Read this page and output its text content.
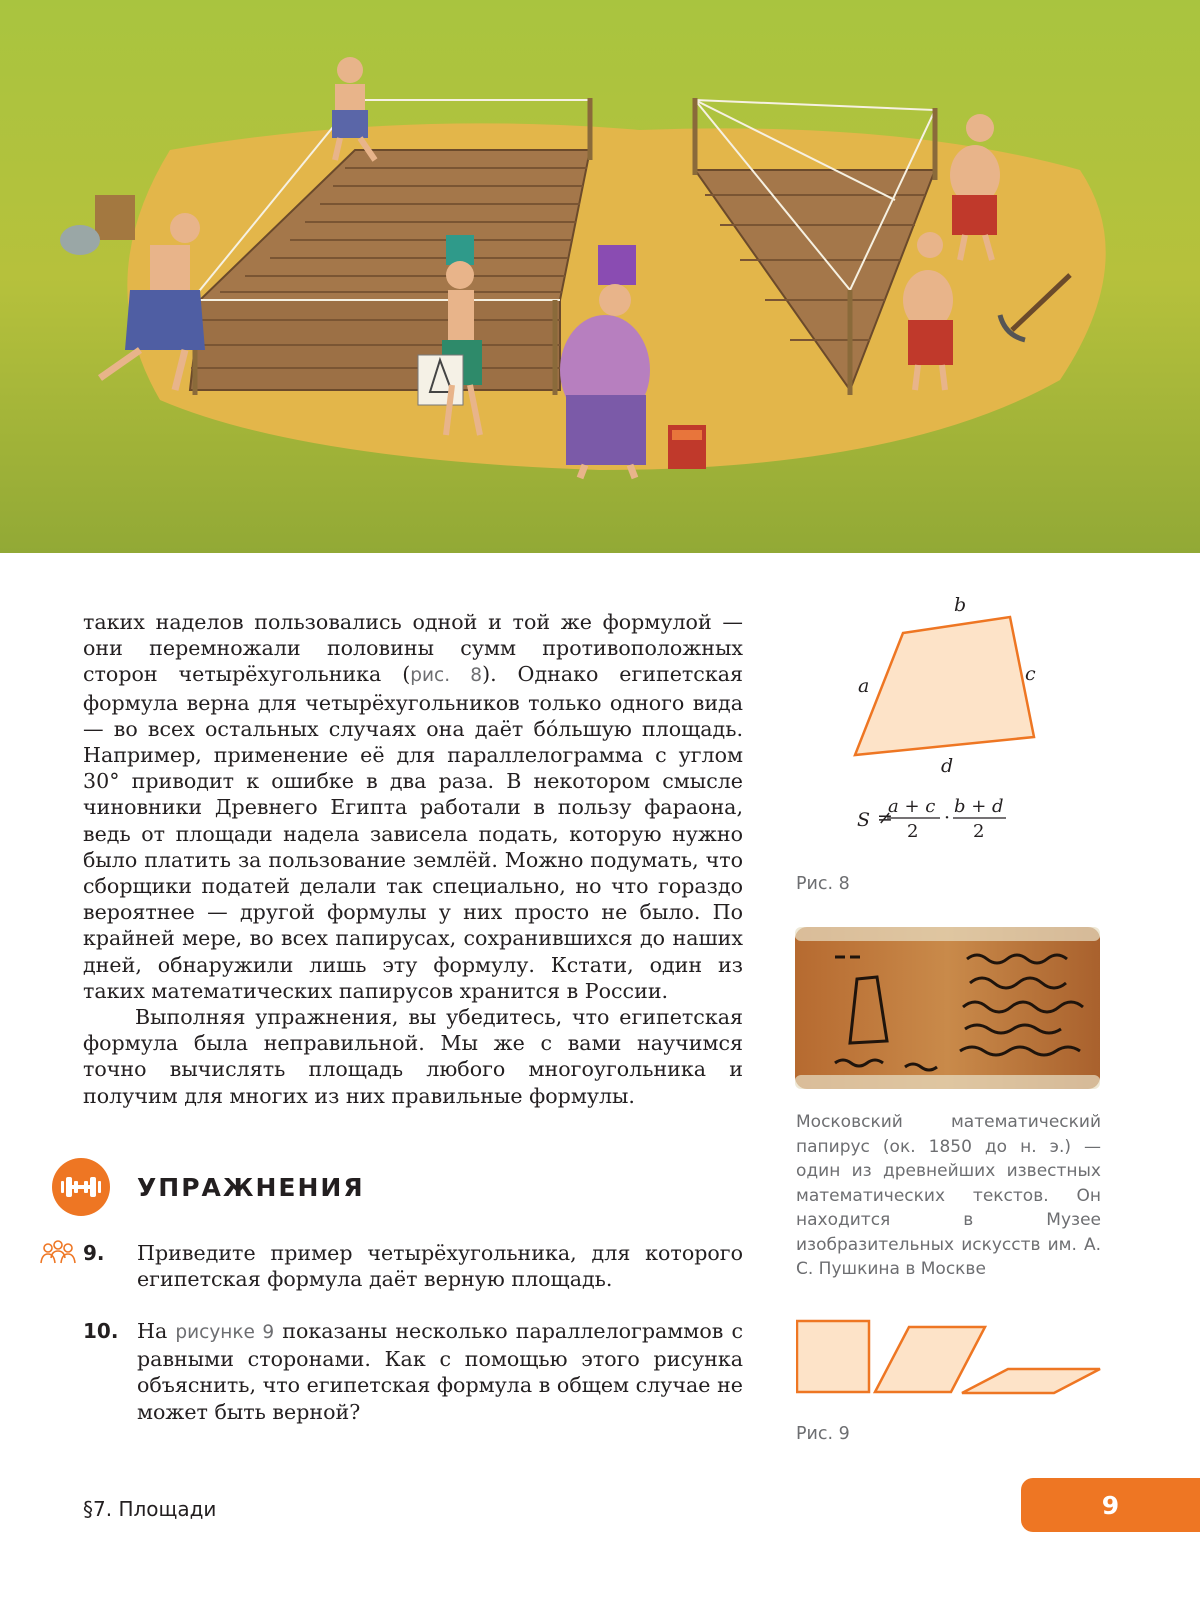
таких наделов пользовались одной и той же формулой — они перемножали половины сумм противоположных сторон четырёхугольника (рис. 8). Однако египетская формула верна для четырёхугольников только одного вида — во всех остальных случаях она даёт бóльшую площадь. Например, применение её для параллелограмма с углом 30° приводит к ошибке в два раза. В некотором смысле чиновники Древнего Египта работали в пользу фараона, ведь от площади надела зависела подать, которую нужно было платить за пользование землёй. Можно подумать, что сборщики податей делали так специально, но что гораздо вероятнее — другой формулы у них просто не было. По крайней мере, во всех папирусах, сохранившихся до наших дней, обнаружили лишь эту формулу. Кстати, один из таких математических папирусов хранится в России.

Выполняя упражнения, вы убедитесь, что египетская формула была неправильной. Мы же с вами научимся точно вычислять площадь любого многоугольника и получим для многих из них правильные формулы.

УПРАЖНЕНИЯ
9. Приведите пример четырёхугольника, для которого египетская формула даёт верную площадь.
10. На рисунке 9 показаны несколько параллелограммов с равными сторонами. Как с помощью этого рисунка объяснить, что египетская формула в общем случае не может быть верной?
b
c
a
d
S ≠
a + c
2
·
b + d
2
Рис. 8
Московский математический папирус (ок. 1850 до н. э.) — один из древнейших известных математических текстов. Он находится в Музее изобразительных искусств им. А. С. Пушкина в Москве
Рис. 9
§7. Площади	9
